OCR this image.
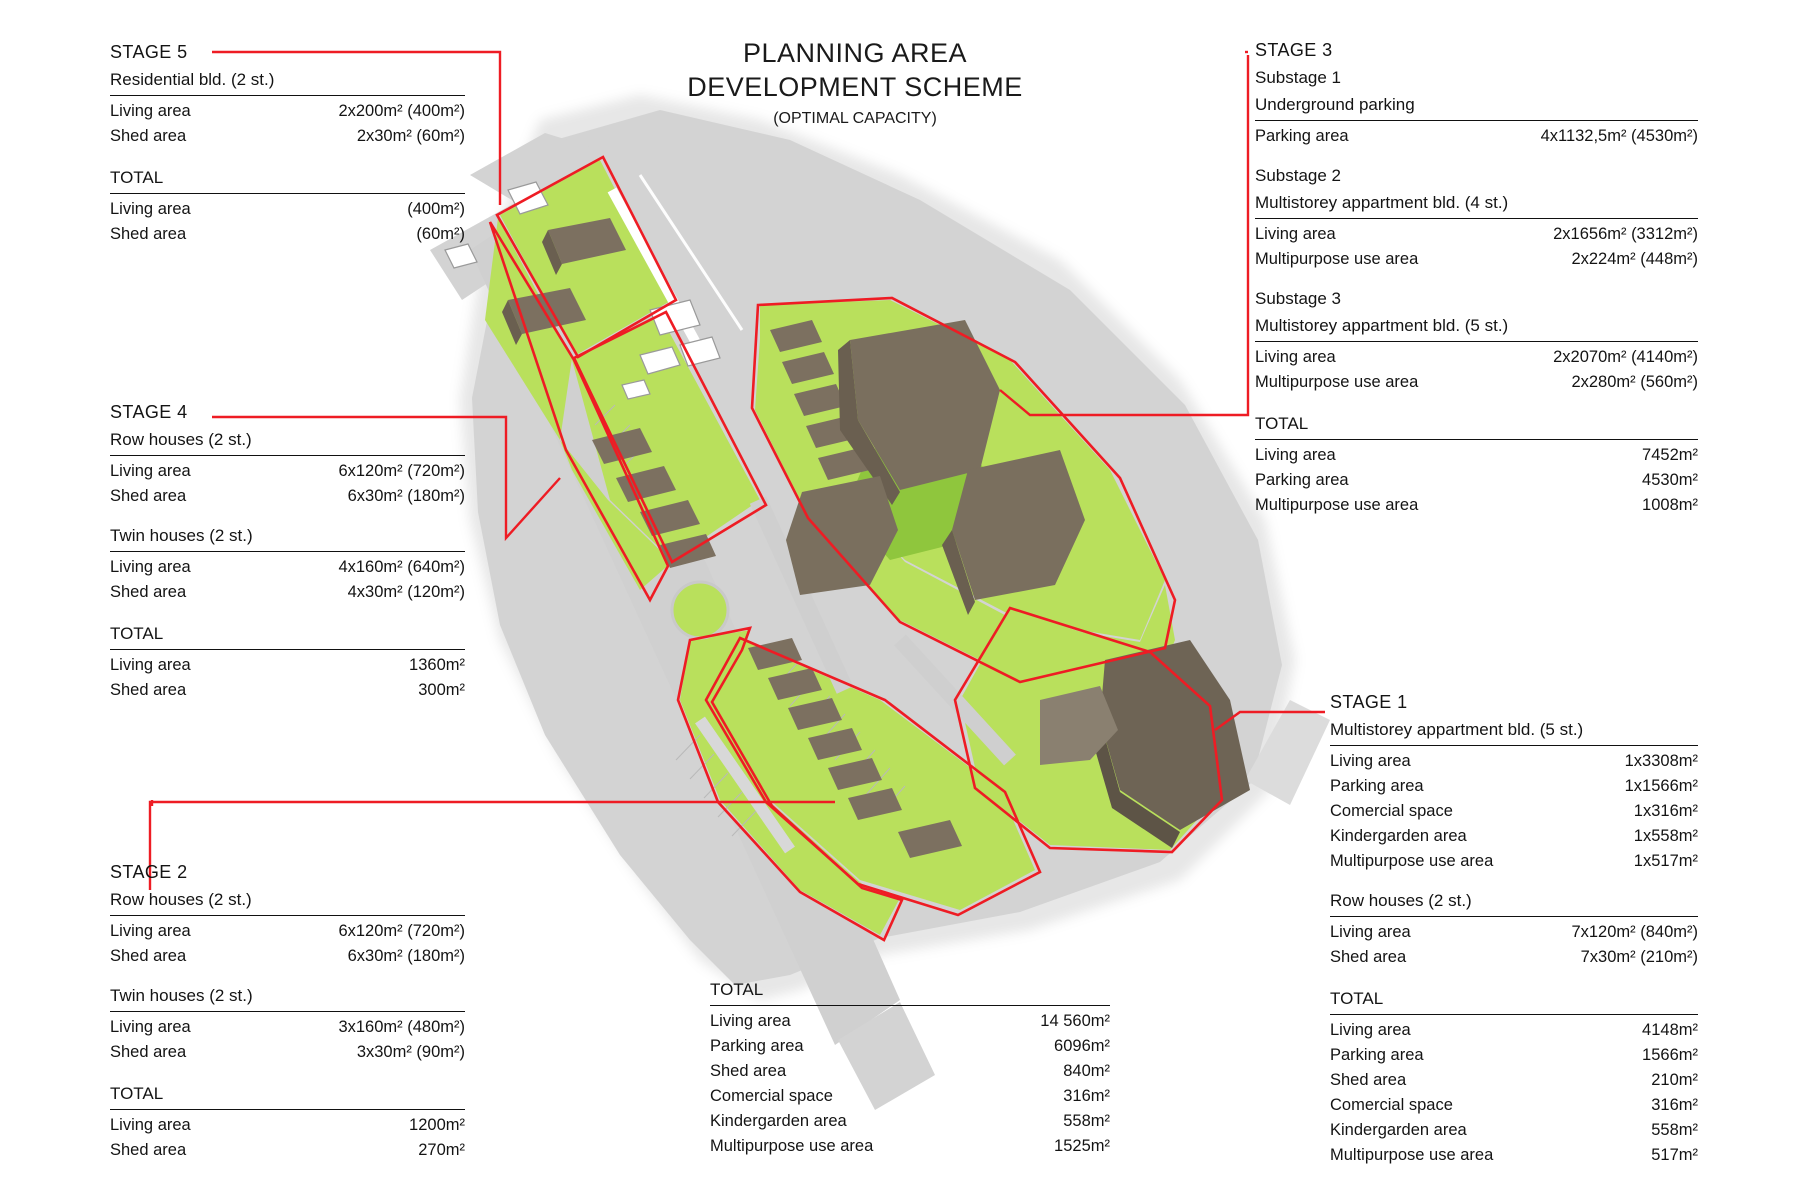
PLANNING AREA
DEVELOPMENT SCHEME
(OPTIMAL CAPACITY)
STAGE 5
Residential bld. (2 st.)
Living area	2x200m² (400m²)
Shed area	2x30m² (60m²)
TOTAL
Living area	(400m²)
Shed area	(60m²)
STAGE 4
Row houses (2 st.)
Living area	6x120m² (720m²)
Shed area	6x30m² (180m²)
Twin houses (2 st.)
Living area	4x160m² (640m²)
Shed area	4x30m² (120m²)
TOTAL
Living area	1360m²
Shed area	300m²
STAGE 2
Row houses (2 st.)
Living area	6x120m² (720m²)
Shed area	6x30m² (180m²)
Twin houses (2 st.)
Living area	3x160m² (480m²)
Shed area	3x30m² (90m²)
TOTAL
Living area	1200m²
Shed area	270m²
STAGE 3
Substage 1
Underground parking
Parking area	4x1132,5m² (4530m²)
Substage 2
Multistorey appartment bld. (4 st.)
Living area	2x1656m² (3312m²)
Multipurpose use area	2x224m² (448m²)
Substage 3
Multistorey appartment bld. (5 st.)
Living area	2x2070m² (4140m²)
Multipurpose use area	2x280m² (560m²)
TOTAL
Living area	7452m²
Parking area	4530m²
Multipurpose use area	1008m²
STAGE 1
Multistorey appartment bld. (5 st.)
Living area	1x3308m²
Parking area	1x1566m²
Comercial space	1x316m²
Kindergarden area	1x558m²
Multipurpose use area	1x517m²
Row houses (2 st.)
Living area	7x120m² (840m²)
Shed area	7x30m² (210m²)
TOTAL
Living area	4148m²
Parking area	1566m²
Shed area	210m²
Comercial space	316m²
Kindergarden area	558m²
Multipurpose use area	517m²
TOTAL
Living area	14 560m²
Parking area	6096m²
Shed area	840m²
Comercial space	316m²
Kindergarden area	558m²
Multipurpose use area	1525m²
